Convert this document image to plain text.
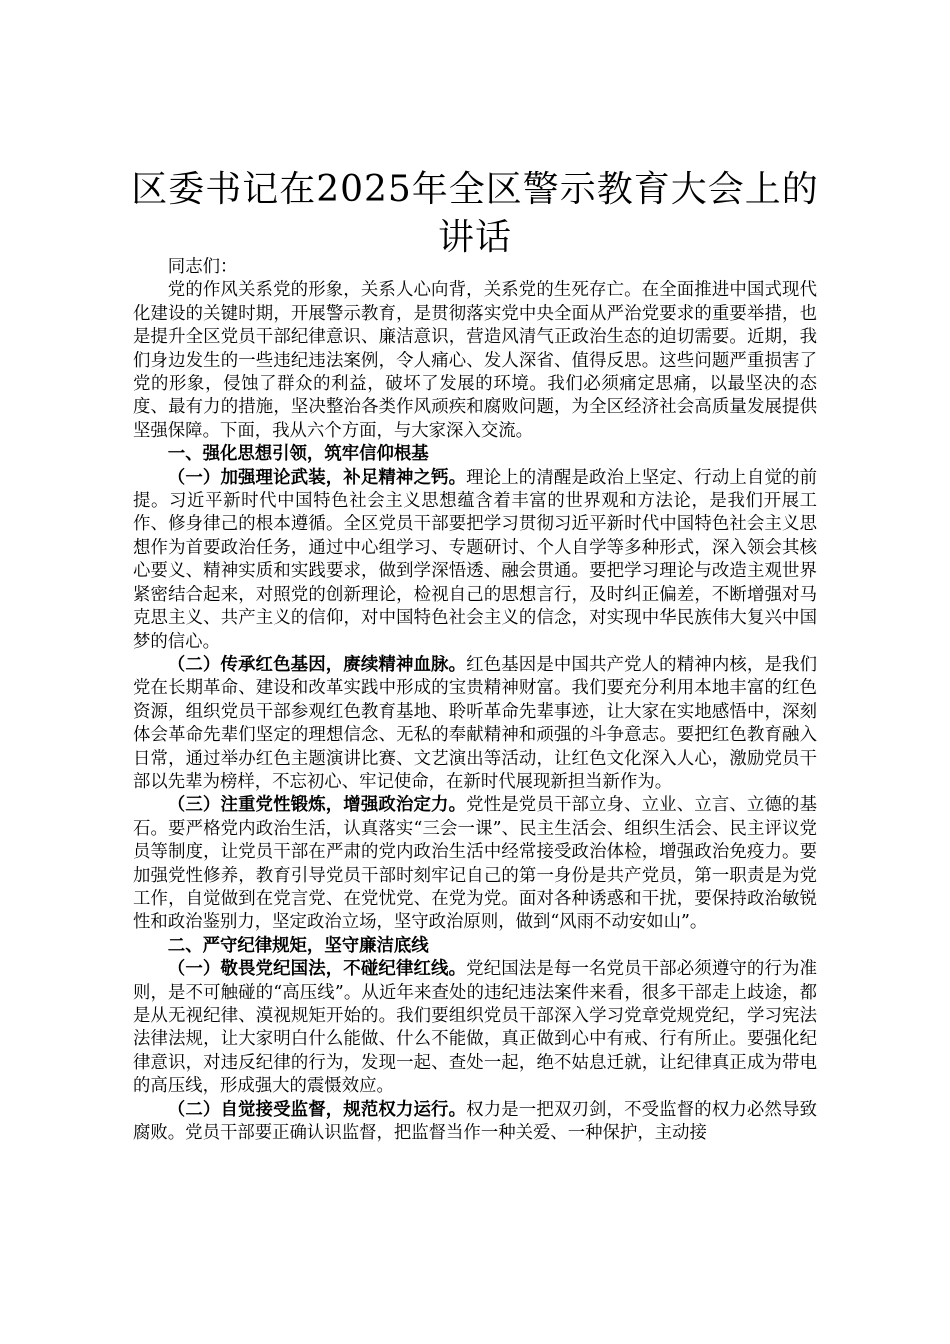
区委书记在2025年全区警示教育大会上的讲话

同志们：

党的作风关系党的形象，关系人心向背，关系党的生死存亡。在全面推进中国式现代化建设的关键时期，开展警示教育，是贯彻落实党中央全面从严治党要求的重要举措，也是提升全区党员干部纪律意识、廉洁意识，营造风清气正政治生态的迫切需要。近期，我们身边发生的一些违纪违法案例，令人痛心、发人深省、值得反思。这些问题严重损害了党的形象，侵蚀了群众的利益，破坏了发展的环境。我们必须痛定思痛，以最坚决的态度、最有力的措施，坚决整治各类作风顽疾和腐败问题，为全区经济社会高质量发展提供坚强保障。下面，我从六个方面，与大家深入交流。

一、强化思想引领，筑牢信仰根基

（一）加强理论武装，补足精神之钙。理论上的清醒是政治上坚定、行动上自觉的前提。习近平新时代中国特色社会主义思想蕴含着丰富的世界观和方法论，是我们开展工作、修身律己的根本遵循。全区党员干部要把学习贯彻习近平新时代中国特色社会主义思想作为首要政治任务，通过中心组学习、专题研讨、个人自学等多种形式，深入领会其核心要义、精神实质和实践要求，做到学深悟透、融会贯通。要把学习理论与改造主观世界紧密结合起来，对照党的创新理论，检视自己的思想言行，及时纠正偏差，不断增强对马克思主义、共产主义的信仰，对中国特色社会主义的信念，对实现中华民族伟大复兴中国梦的信心。

（二）传承红色基因，赓续精神血脉。红色基因是中国共产党人的精神内核，是我们党在长期革命、建设和改革实践中形成的宝贵精神财富。我们要充分利用本地丰富的红色资源，组织党员干部参观红色教育基地、聆听革命先辈事迹，让大家在实地感悟中，深刻体会革命先辈们坚定的理想信念、无私的奉献精神和顽强的斗争意志。要把红色教育融入日常，通过举办红色主题演讲比赛、文艺演出等活动，让红色文化深入人心，激励党员干部以先辈为榜样，不忘初心、牢记使命，在新时代展现新担当新作为。

（三）注重党性锻炼，增强政治定力。党性是党员干部立身、立业、立言、立德的基石。要严格党内政治生活，认真落实“三会一课”、民主生活会、组织生活会、民主评议党员等制度，让党员干部在严肃的党内政治生活中经常接受政治体检，增强政治免疫力。要加强党性修养，教育引导党员干部时刻牢记自己的第一身份是共产党员，第一职责是为党工作，自觉做到在党言党、在党忧党、在党为党。面对各种诱惑和干扰，要保持政治敏锐性和政治鉴别力，坚定政治立场，坚守政治原则，做到“风雨不动安如山”。

二、严守纪律规矩，坚守廉洁底线

（一）敬畏党纪国法，不碰纪律红线。党纪国法是每一名党员干部必须遵守的行为准则，是不可触碰的“高压线”。从近年来查处的违纪违法案件来看，很多干部走上歧途，都是从无视纪律、漠视规矩开始的。我们要组织党员干部深入学习党章党规党纪，学习宪法法律法规，让大家明白什么能做、什么不能做，真正做到心中有戒、行有所止。要强化纪律意识，对违反纪律的行为，发现一起、查处一起，绝不姑息迁就，让纪律真正成为带电的高压线，形成强大的震慑效应。

（二）自觉接受监督，规范权力运行。权力是一把双刃剑，不受监督的权力必然导致腐败。党员干部要正确认识监督，把监督当作一种关爱、一种保护，主动接
